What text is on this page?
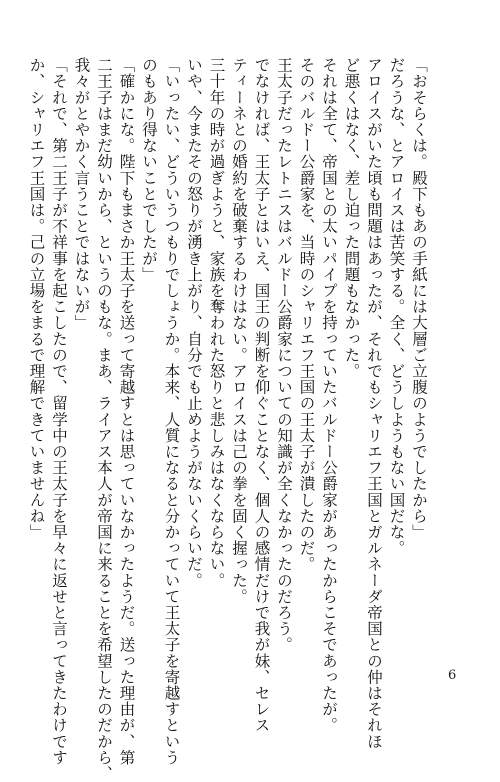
「おそらくは。殿下もあの手紙には大層ご立腹のようでしたから」
だろうな、とアロイスは苦笑する。全く、どうしようもない国だな。
アロイスがいた頃も問題はあったが、それでもシャリエフ王国とガルネーダ帝国との仲はそれほ
ど悪くはなく、差し迫った問題もなかった。
それは全て、帝国との太いパイプを持っていたバルドー公爵家があったからこそであったが。
そのバルドー公爵家を、当時のシャリエフ王国の王太子が潰したのだ。
王太子だったレトニスはバルドー公爵家についての知識が全くなかったのだろう。
でなければ、王太子とはいえ、国王の判断を仰ぐことなく、個人の感情だけで我が妹、セレス
ティーネとの婚約を破棄するわけはない。アロイスは己の拳を固く握った。
三十年の時が過ぎようと、家族を奪われた怒りと悲しみはなくならない。
いや、今またその怒りが湧き上がり、自分でも止めようがないくらいだ。
「いったい、どういうつもりでしょうか。本来、人質になると分かっていて王太子を寄越すという
のもあり得ないことでしたが」
「確かにな。陛下もまさか王太子を送って寄越すとは思っていなかったようだ。送った理由が、第
二王子はまだ幼いから、というのもな。まあ、ライアス本人が帝国に来ることを希望したのだから、
我々がとやかく言うことではないが」
「それで、第二王子が不祥事を起こしたので、留学中の王太子を早々に返せと言ってきたわけです
か、シャリエフ王国は。己の立場をまるで理解できていませんね」
6
